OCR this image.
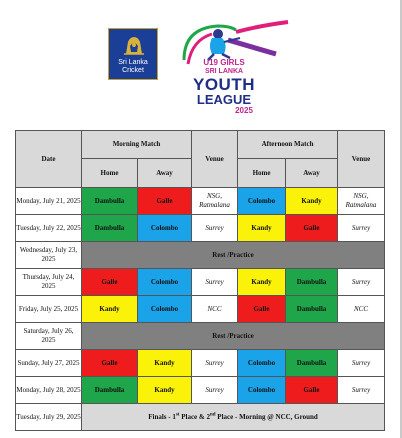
Sri Lanka
Cricket
U19 GIRLS
SRI LANKA
YOUTH
LEAGUE
2025
Date	Morning Match		Venue	Afternoon Match		Venue
	Home	Away		Home	Away	
Monday, July 21, 2025	Dambulla	Galle	NSG, Ratmalana	Colombo	Kandy	NSG, Ratmalana
Tuesday, July 22, 2025	Dambulla	Colombo	Surrey	Kandy	Galle	Surrey
Wednesday, July 23, 2025	Rest /Practice					
Thursday, July 24, 2025	Galle	Colombo	Surrey	Kandy	Dambulla	Surrey
Friday, July 25, 2025	Kandy	Colombo	NCC	Galle	Dambulla	NCC
Saturday, July 26, 2025	Rest /Practice					
Sunday, July 27, 2025	Galle	Kandy	Surrey	Colombo	Dambulla	Surrey
Monday, July 28, 2025	Dambulla	Kandy	Surrey	Colombo	Galle	Surrey
Tuesday, July 29, 2025	Finals - 1st Place & 2nd Place - Morning @ NCC, Ground					
